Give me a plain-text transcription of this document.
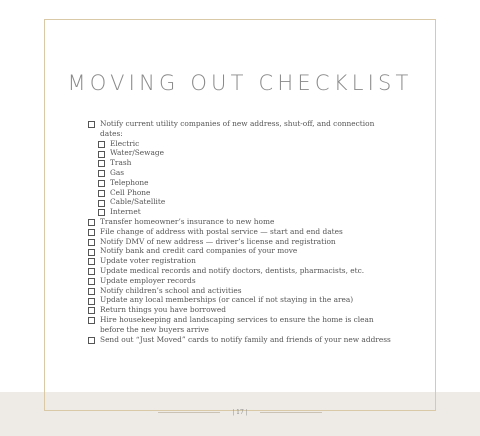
MOVING OUT CHECKLIST
Notify current utility companies of new address, shut-off, and connection dates:
Electric
Water/Sewage
Trash
Gas
Telephone
Cell Phone
Cable/Satellite
Internet
Transfer homeowner’s insurance to new home
File change of address with postal service — start and end dates
Notify DMV of new address — driver’s license and registration
Notify bank and credit card companies of your move
Update voter registration
Update medical records and notify doctors, dentists, pharmacists, etc.
Update employer records
Notify children’s school and activities
Update any local memberships (or cancel if not staying in the area)
Return things you have borrowed
Hire housekeeping and landscaping services to ensure the home is clean before the new buyers arrive
Send out “Just Moved” cards to notify family and friends of your new address
| 17 |
